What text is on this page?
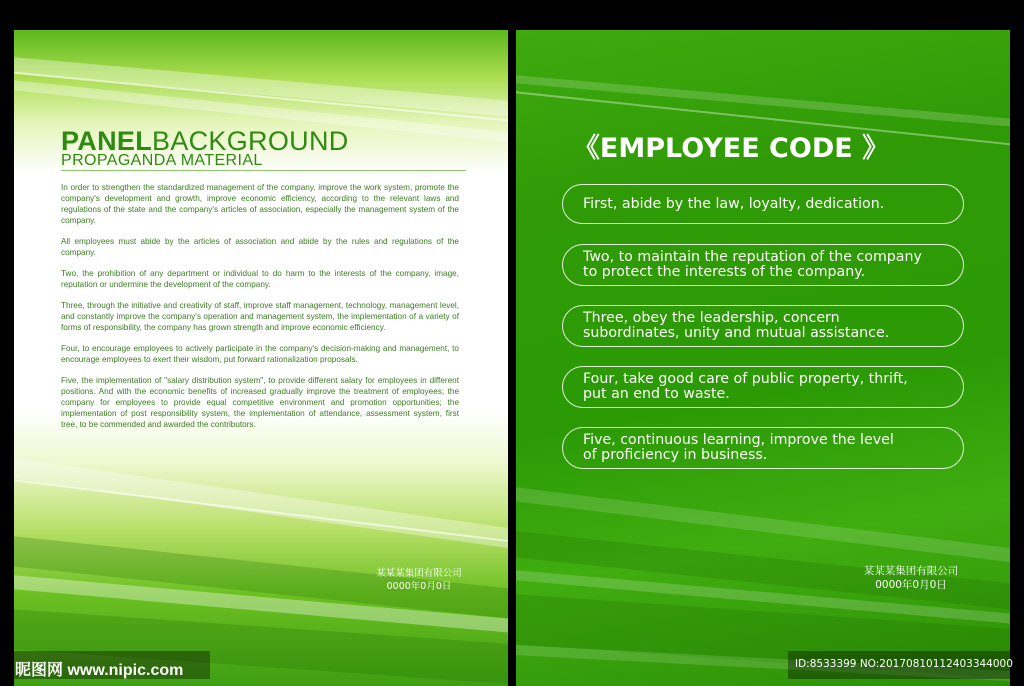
PANELBACKGROUND
PROPAGANDA MATERIAL

In order to strengthen the standardized management of the company, improve the work system, promote the company's development and growth, improve economic efficiency, according to the relevant laws and regulations of the state and the company's articles of association, especially the management system of the company.

All employees must abide by the articles of association and abide by the rules and regulations of the company.

Two, the prohibition of any department or individual to do harm to the interests of the company, image, reputation or undermine the development of the company.

Three, through the initiative and creativity of staff, improve staff management, technology, management level, and constantly improve the company's operation and management system, the implementation of a variety of forms of responsibility, the company has grown strength and improve economic efficiency.

Four, to encourage employees to actively participate in the company's decision-making and management, to encourage employees to exert their wisdom, put forward rationalization proposals.

Five, the implementation of "salary distribution system", to provide different salary for employees in different positions. And with the economic benefits of increased gradually improve the treatment of employees; the company for employees to provide equal competitive environment and promotion opportunities; the implementation of post responsibility system, the implementation of attendance, assessment system, first tree, to be commended and awarded the contributors.

某某某集团有限公司
0000年0月0日
《EMPLOYEE CODE 》
First, abide by the law, loyalty, dedication.
Two, to maintain the reputation of the company
to protect the interests of the company.
Three, obey the leadership, concern
subordinates, unity and mutual assistance.
Four, take good care of public property, thrift,
put an end to waste.
Five, continuous learning, improve the level
of proficiency in business.
某某某集团有限公司
0000年0月0日
昵图网 www.nipic.com	ID:8533399 NO:20170810112403344000
